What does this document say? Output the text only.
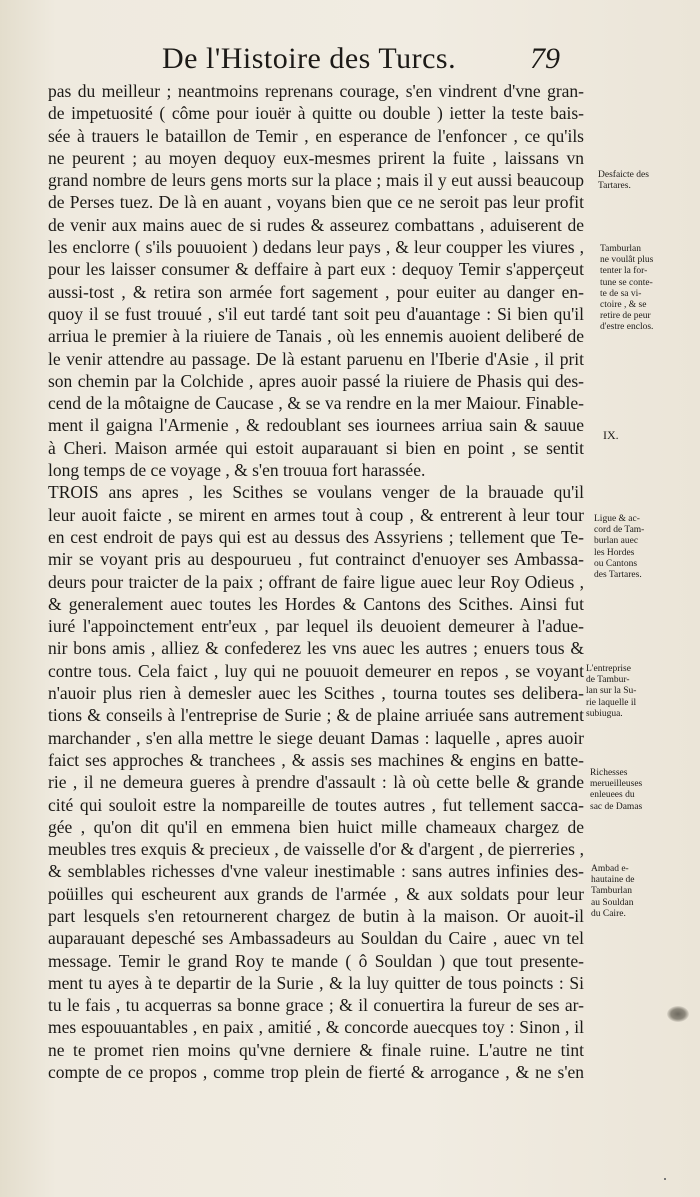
De l'Histoire des Turcs. 79
pas du meilleur ; neantmoins reprenans courage, s'en vindrent d'vne gran-
de impetuosité ( côme pour iouër à quitte ou double ) ietter la teste bais-
sée à trauers le bataillon de Temir , en esperance de l'enfoncer , ce qu'ils
ne peurent ; au moyen dequoy eux-mesmes prirent la fuite , laissans vn
grand nombre de leurs gens morts sur la place ; mais il y eut aussi beaucoup
de Perses tuez. De là en auant , voyans bien que ce ne seroit pas leur profit
de venir aux mains auec de si rudes & asseurez combattans , aduiserent de
les enclorre ( s'ils pouuoient ) dedans leur pays , & leur coupper les viures ,
pour les laisser consumer & deffaire à part eux : dequoy Temir s'apperçeut
aussi-tost , & retira son armée fort sagement , pour euiter au danger en-
quoy il se fust trouué , s'il eut tardé tant soit peu d'auantage : Si bien qu'il
arriua le premier à la riuiere de Tanais , où les ennemis auoient deliberé de
le venir attendre au passage. De là estant paruenu en l'Iberie d'Asie , il prit
son chemin par la Colchide , apres auoir passé la riuiere de Phasis qui des-
cend de la môtaigne de Caucase , & se va rendre en la mer Maiour. Finable-
ment il gaigna l'Armenie , & redoublant ses iournees arriua sain & sauue
à Cheri. Maison armée qui estoit auparauant si bien en point , se sentit
long temps de ce voyage , & s'en trouua fort harassée.
TROIS ans apres , les Scithes se voulans venger de la brauade qu'il
leur auoit faicte , se mirent en armes tout à coup , & entrerent à leur tour
en cest endroit de pays qui est au dessus des Assyriens ; tellement que Te-
mir se voyant pris au despourueu , fut contrainct d'enuoyer ses Ambassa-
deurs pour traicter de la paix ; offrant de faire ligue auec leur Roy Odieus ,
& generalement auec toutes les Hordes & Cantons des Scithes. Ainsi fut
iuré l'appoinctement entr'eux , par lequel ils deuoient demeurer à l'adue-
nir bons amis , alliez & confederez les vns auec les autres ; enuers tous &
contre tous. Cela faict , luy qui ne pouuoit demeurer en repos , se voyant
n'auoir plus rien à demesler auec les Scithes , tourna toutes ses delibera-
tions & conseils à l'entreprise de Surie ; & de plaine arriuée sans autrement
marchander , s'en alla mettre le siege deuant Damas : laquelle , apres auoir
faict ses approches & tranchees , & assis ses machines & engins en batte-
rie , il ne demeura gueres à prendre d'assault : là où cette belle & grande
cité qui souloit estre la nompareille de toutes autres , fut tellement sacca-
gée , qu'on dit qu'il en emmena bien huict mille chameaux chargez de
meubles tres exquis & precieux , de vaisselle d'or & d'argent , de pierreries ,
& semblables richesses d'vne valeur inestimable : sans autres infinies des-
poüilles qui escheurent aux grands de l'armée , & aux soldats pour leur
part lesquels s'en retournerent chargez de butin à la maison. Or auoit-il
auparauant depesché ses Ambassadeurs au Souldan du Caire , auec vn tel
message. Temir le grand Roy te mande ( ô Souldan ) que tout presente-
ment tu ayes à te departir de la Surie , & la luy quitter de tous poincts : Si
tu le fais , tu acquerras sa bonne grace ; & il conuertira la fureur de ses ar-
mes espouuantables , en paix , amitié , & concorde auecques toy : Sinon , il
ne te promet rien moins qu'vne derniere & finale ruine. L'autre ne tint
compte de ce propos , comme trop plein de fierté & arrogance , & ne s'en
Desfaicte des
Tartares.
Tamburlan
ne voulât plus
tenter la for-
tune se conte-
te de sa vi-
ctoire , & se
retire de peur
d'estre enclos.
IX.
Ligue & ac-
cord de Tam-
burlan auec
les Hordes
ou Cantons
des Tartares.
L'entreprise
de Tambur-
lan sur la Su-
rie laquelle il
subiugua.
Richesses
merueilleuses
enleuees du
sac de Damas
Ambad e-
hautaine de
Tamburlan
au Souldan
du Caire.
